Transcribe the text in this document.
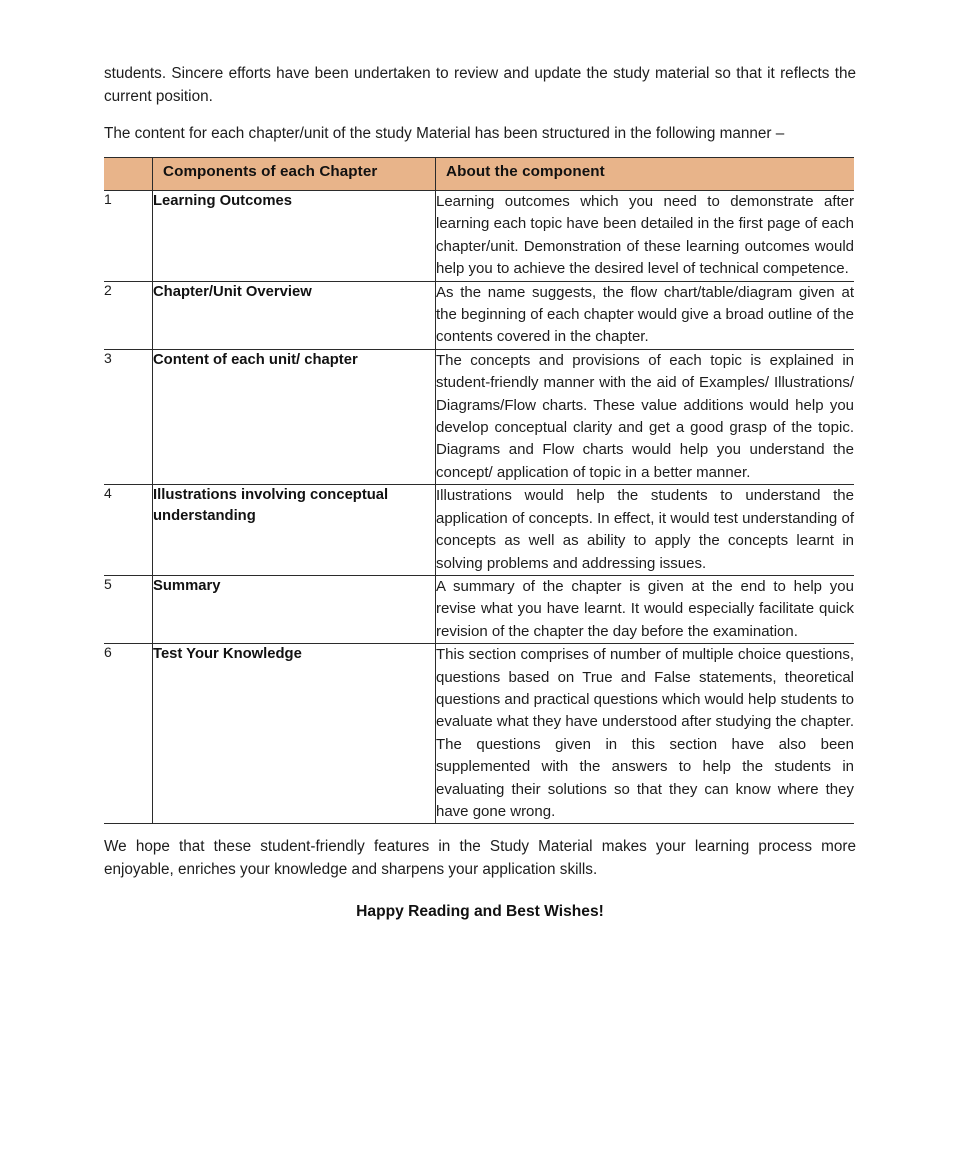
students. Sincere efforts have been undertaken to review and update the study material so that it reflects the current position.

The content for each chapter/unit of the study Material has been structured in the following manner –

	Components of each Chapter	About the component

1	Learning Outcomes	Learning outcomes which you need to demonstrate after learning each topic have been detailed in the first page of each chapter/unit. Demonstration of these learning outcomes would help you to achieve the desired level of technical competence.
2	Chapter/Unit Overview	As the name suggests, the flow chart/table/diagram given at the beginning of each chapter would give a broad outline of the contents covered in the chapter.
3	Content of each unit/ chapter	The concepts and provisions of each topic is explained in student-friendly manner with the aid of Examples/ Illustrations/ Diagrams/Flow charts. These value additions would help you develop conceptual clarity and get a good grasp of the topic. Diagrams and Flow charts would help you understand the concept/ application of topic in a better manner.
4	Illustrations involving conceptual understanding	Illustrations would help the students to understand the application of concepts. In effect, it would test understanding of concepts as well as ability to apply the concepts learnt in solving problems and addressing issues.
5	Summary	A summary of the chapter is given at the end to help you revise what you have learnt. It would especially facilitate quick revision of the chapter the day before the examination.
6	Test Your Knowledge	This section comprises of number of multiple choice questions, questions based on True and False statements, theoretical questions and practical questions which would help students to evaluate what they have understood after studying the chapter. The questions given in this section have also been supplemented with the answers to help the students in evaluating their solutions so that they can know where they have gone wrong.

We hope that these student-friendly features in the Study Material makes your learning process more enjoyable, enriches your knowledge and sharpens your application skills.

Happy Reading and Best Wishes!
